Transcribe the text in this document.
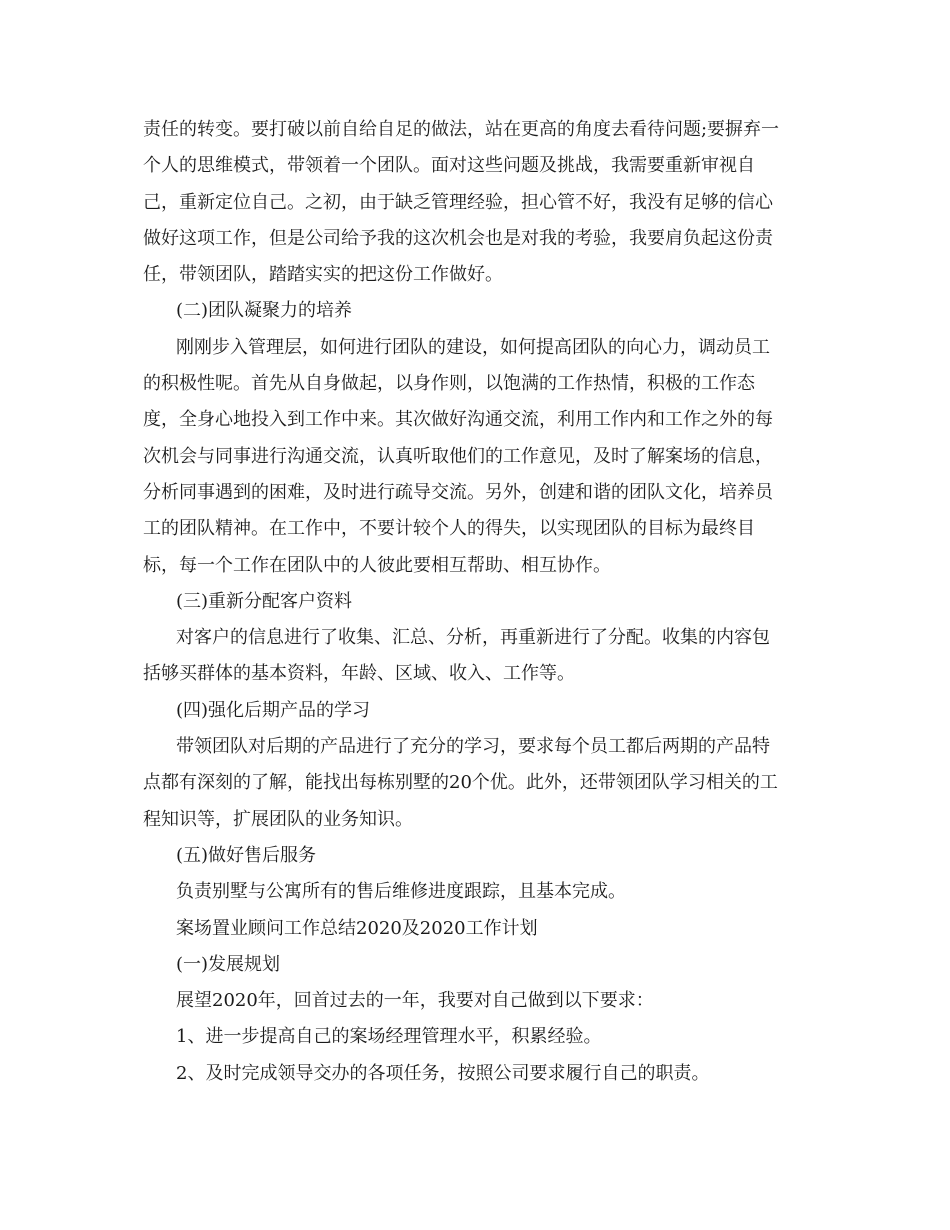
责任的转变。要打破以前自给自足的做法，站在更高的角度去看待问题;要摒弃一
个人的思维模式，带领着一个团队。面对这些问题及挑战，我需要重新审视自
己，重新定位自己。之初，由于缺乏管理经验，担心管不好，我没有足够的信心
做好这项工作，但是公司给予我的这次机会也是对我的考验，我要肩负起这份责
任，带领团队，踏踏实实的把这份工作做好。
(二)团队凝聚力的培养
刚刚步入管理层，如何进行团队的建设，如何提高团队的向心力，调动员工
的积极性呢。首先从自身做起，以身作则，以饱满的工作热情，积极的工作态
度，全身心地投入到工作中来。其次做好沟通交流，利用工作内和工作之外的每
次机会与同事进行沟通交流，认真听取他们的工作意见，及时了解案场的信息，
分析同事遇到的困难，及时进行疏导交流。另外，创建和谐的团队文化，培养员
工的团队精神。在工作中，不要计较个人的得失，以实现团队的目标为最终目
标，每一个工作在团队中的人彼此要相互帮助、相互协作。
(三)重新分配客户资料
对客户的信息进行了收集、汇总、分析，再重新进行了分配。收集的内容包
括够买群体的基本资料，年龄、区域、收入、工作等。
(四)强化后期产品的学习
带领团队对后期的产品进行了充分的学习，要求每个员工都后两期的产品特
点都有深刻的了解，能找出每栋别墅的20个优。此外，还带领团队学习相关的工
程知识等，扩展团队的业务知识。
(五)做好售后服务
负责别墅与公寓所有的售后维修进度跟踪，且基本完成。
案场置业顾问工作总结2020及2020工作计划
(一)发展规划
展望2020年，回首过去的一年，我要对自己做到以下要求：
1、进一步提高自己的案场经理管理水平，积累经验。
2、及时完成领导交办的各项任务，按照公司要求履行自己的职责。
